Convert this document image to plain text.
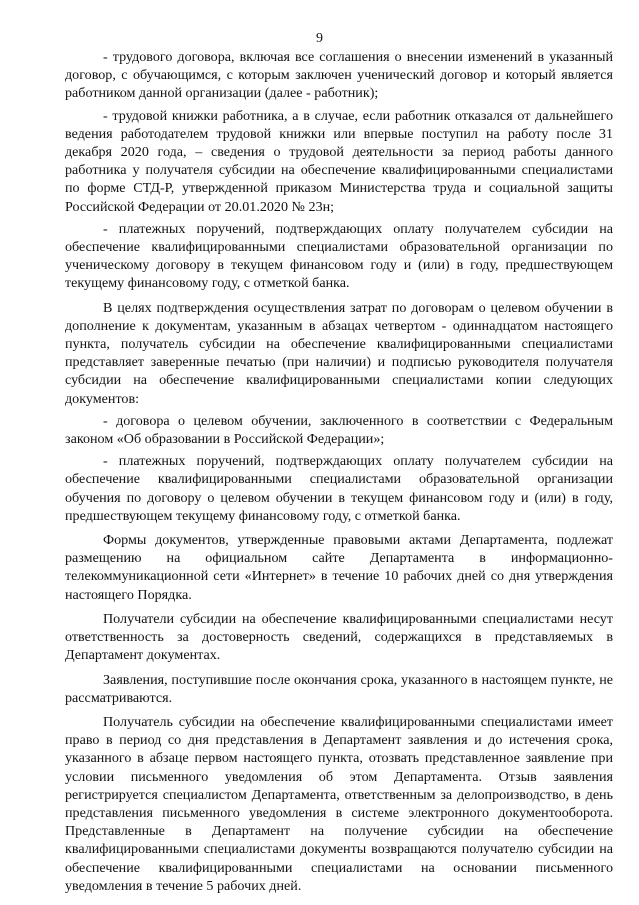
9

- трудового договора, включая все соглашения о внесении изменений в указанный договор, с обучающимся, с которым заключен ученический договор и который является работником данной организации (далее - работник);

- трудовой книжки работника, а в случае, если работник отказался от дальнейшего ведения работодателем трудовой книжки или впервые поступил на работу после 31 декабря 2020 года, – сведения о трудовой деятельности за период работы данного работника у получателя субсидии на обеспечение квалифицированными специалистами по форме СТД-Р, утвержденной приказом Министерства труда и социальной защиты Российской Федерации от 20.01.2020 № 23н;

- платежных поручений, подтверждающих оплату получателем субсидии на обеспечение квалифицированными специалистами образовательной организации по ученическому договору в текущем финансовом году и (или) в году, предшествующем текущему финансовому году, с отметкой банка.

В целях подтверждения осуществления затрат по договорам о целевом обучении в дополнение к документам, указанным в абзацах четвертом - одиннадцатом настоящего пункта, получатель субсидии на обеспечение квалифицированными специалистами представляет заверенные печатью (при наличии) и подписью руководителя получателя субсидии на обеспечение квалифицированными специалистами копии следующих документов:

- договора о целевом обучении, заключенного в соответствии с Федеральным законом «Об образовании в Российской Федерации»;

- платежных поручений, подтверждающих оплату получателем субсидии на обеспечение квалифицированными специалистами образовательной организации обучения по договору о целевом обучении в текущем финансовом году и (или) в году, предшествующем текущему финансовому году, с отметкой банка.

Формы документов, утвержденные правовыми актами Департамента, подлежат размещению на официальном сайте Департамента в информационно-телекоммуникационной сети «Интернет» в течение 10 рабочих дней со дня утверждения настоящего Порядка.

Получатели субсидии на обеспечение квалифицированными специалистами несут ответственность за достоверность сведений, содержащихся в представляемых в Департамент документах.

Заявления, поступившие после окончания срока, указанного в настоящем пункте, не рассматриваются.

Получатель субсидии на обеспечение квалифицированными специалистами имеет право в период со дня представления в Департамент заявления и до истечения срока, указанного в абзаце первом настоящего пункта, отозвать представленное заявление при условии письменного уведомления об этом Департамента. Отзыв заявления регистрируется специалистом Департамента, ответственным за делопроизводство, в день представления письменного уведомления в системе электронного документооборота. Представленные в Департамент на получение субсидии на обеспечение квалифицированными специалистами документы возвращаются получателю субсидии на обеспечение квалифицированными специалистами на основании письменного уведомления в течение 5 рабочих дней.
